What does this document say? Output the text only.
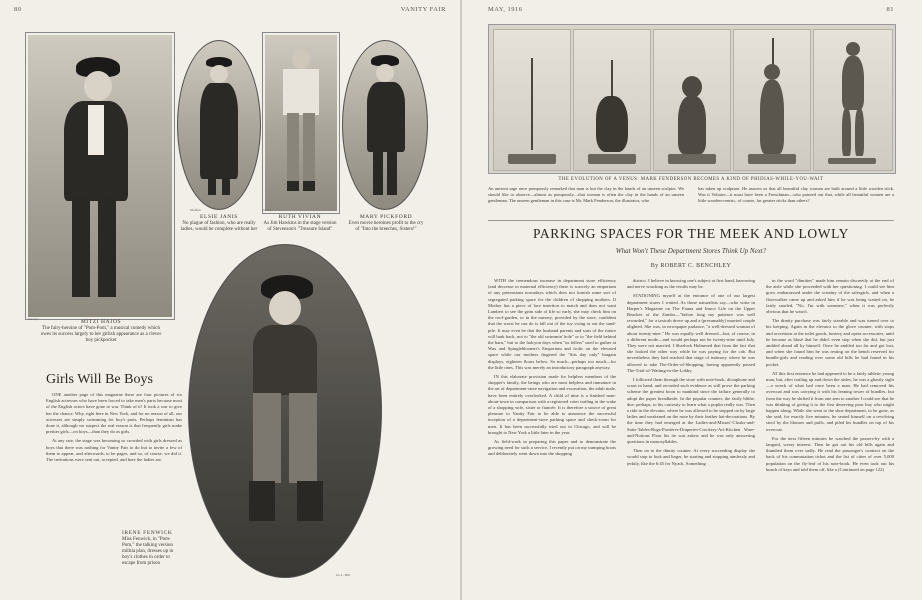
80	VANITY FAIR
Sarony	MITZI HAJOS
The fairy-heroine of "Pom-Pom," a musical comedy which owes its success largely to her girlish appearance as a clever boy pickpocket
Moffett
ELSIE JANIS
No plague of fashion, who are really ladies, would be complete without her
White
RUTH VIVIAN
As Jim Hawkins in the stage version of Stevenson's "Treasure Island"
MARY PICKFORD
Even movie heroines profit to the cry of "Into the breeches, Sisters!"
Ira L. Hill
IRENE FENWICK
Miss Fenwick, in "Pom-Pom," the talking version militia plan, dresses up in boy's clothes in order to escape from prison
Girls Will Be Boys

ONE another page of this magazine there are four pictures of six English actresses who have been forced to take men's parts because most of the English actors have gone to war. Think of it! It took a war to give her the chance. Why, right here in New York, and for no reason of all, our actresses are simply swimming for boy's parts. Perhaps feminism has done it, although we suspect the real reason is that frequently girls make prettier girls—on boys—than they do as girls.

At any rate, the stage was becoming so crowded with girls dressed as boys that there was nothing for Vanity Fair to do but to invite a few of them to appear, and afterwards, to be pages, and so, of course, we did it. The invitations were sent out, accepted, and here the ladies are.

MAY, 1916	81
THE EVOLUTION OF A VENUS: MARK FENDERSON BECOMES A KIND OF PHIDIAS-WHILE-YOU-WAIT
An ancient sage once pompously remarked that man is but the clay in the hands of an unseen sculptor. We should like to observe—almost as pompously—that woman is often the clay in the hands of an unseen gentleman. The unseen gentleman in this case is Mr. Mark Fenderson, the illustrator, who
has taken up sculpture. He assures us that all beautiful clay woman are built around a little wooden stick. Was it Voltaire—it must have been a Frenchman—who pointed out that, while all beautiful women are a little wooden-centric, of course, far greater sticks than others?
PARKING SPACES FOR THE MEEK AND LOWLY
What Won't These Department Stores Think Up Next?
By ROBERT C. BENCHLEY

WITH the tremendous increase in department store efficiency (and decrease in maternal efficiency) there is scarcely an emporium of any pretensions nowadays which does not furnish some sort of segregated parking space for the children of shopping mothers. If Mother has a piece of lace insertion to match and does not want Lambert to see the grim side of life so early, she may check him on the roof-garden, or in the nursery, provided by the store, confident that the worst he can do is fall out of the toy swing or eat the sand-pile. It may even be that the husband parents and sons of the future will hark back, not to "the old swimmin' hole" or to "the field behind the barn," but to the halcyon days when "us fellers" used to gather at Wax and Spinglebloomer's Emporium and frolic on the elevated space while our mothers fingered the "this day only" bargain displays, eighteen floors below. So much—perhaps too much—for the little ones. This was merely an introductory paragraph anyway.

IN this elaborate provision made for helpless members of the shopper's family, the beings who are most helpless and immature in the art of department-store navigation and excavation, the adult male, have been entirely overlooked. A child of nine is a finished man-about-town in comparison with a registered voter trailing in the wake of a shopping wife, sister or fiancée. It is therefore a source of great pleasure to Vanity Fair to be able to announce the successful inception of a department-store parking space and check-room for men. It has been successfully tried out in Chicago, and will be brought to New York a little later in the year.

As field-work in preparing this paper and to demonstrate the growing need for such a service, I recently put on my tramping boots and deliberately went down into the shopping

district. I believe in knowing one's subject at first hand, harrowing and nerve wracking as the results may be.

STATIONING myself at the entrance of one of our largest department stores I waited. As those naturalists say—who write in Harper's Magazine on The Fauna and Insect Life on the Upper Reaches of the Zambo—"before long my patience was well rewarded," for a taxicab drove up and a (presumably) married couple alighted. She was, in newspaper parlance, "a well-dressed woman of about twenty-nine." He was equally well dressed—but, of course, in a different mode—and would perhaps not be twenty-nine until July. They were not married. I Sherlock Holmesed that from the fact that she looked the other way while he was paying for the cab. But nevertheless they had reached that stage of intimacy where he was allowed to take The-Order-of-Shopping, having apparently passed The-Trial-of-Waiting-in-the-Lobby.

I followed them through the store with note-book, dictaphone and scout in hand, and recorded such evidence as will prove the parking scheme the greatest boon to mankind since the failure generally to adopt the paper breadknife. In the popular counter, the fairly blithe, due, perhaps, to his curiosity to learn what a poplin really was. Then a ride in the elevator, where he was allowed to be stepped on by large ladies and weakened on the nose by their feather hat-decorations. By the time they had emerged at the Ladies-and-Misses'-Cloaks-and-Suits-Tables-Rugs-Portières-Draperies-Crockery-Art-Kitchen Ware-and-Notions Floor his tie was askew and he was only answering questions in monosyllables.

Then on to the dimity counter. At every succeeding display she would stop to look and linger, he starting and stopping aimlessly and jerkily, like the 6:45 for Nyack. Something

in the word "dimities" made him remain discreetly at the end of the aisle while she proceeded with her questioning. I could see him grow embarrassed under the scrutiny of the salesgirls, and when a floorwalker came up and asked him if he was being waited on, he fairly snarled, "No, I'm with someone," when it was perfectly obvious that he wasn't.

The dimity purchase was fairly sizeable and was turned over to his keeping. Again in the elevator to the glove counter, with stops and accretions at the toilet goods, hosiery and opera accessories, until he became as blasé that he didn't even stop when she did, but just ambled ahead all by himself. Once he ambled too far and got lost, and when she found him he was resting on the bench reserved for bundle-girls and reading over some old bills he had found in his pocket.

AT this first entrance he had appeared to be a fairly athletic young man, but, after trailing up and down the aisles, he was a ghastly sight—a wreck of what had once been a man. He had removed his overcoat and was carrying it with his leaning tower of bundles, but from the way he shifted it from one arm to another I could see that he was thinking of giving it to the first deserving poor boy who might happen along. While she went to the shoe department, to be gone, as she said, for exactly five minutes, he seated himself on a revolving stool by the blouses and puffs, and piled his bundles on top of his overcoat.

For the next fifteen minutes he watched the passers-by with a languid, weary interest. Then he got out his old bills again and thumbed them over sadly. He read the passenger's contract on the back of his commutation ticket and the list of cities of over 5,000 population on the fly-leaf of his note-book. He even took out his bunch of keys and told them off, like a (Continued on page 122)
